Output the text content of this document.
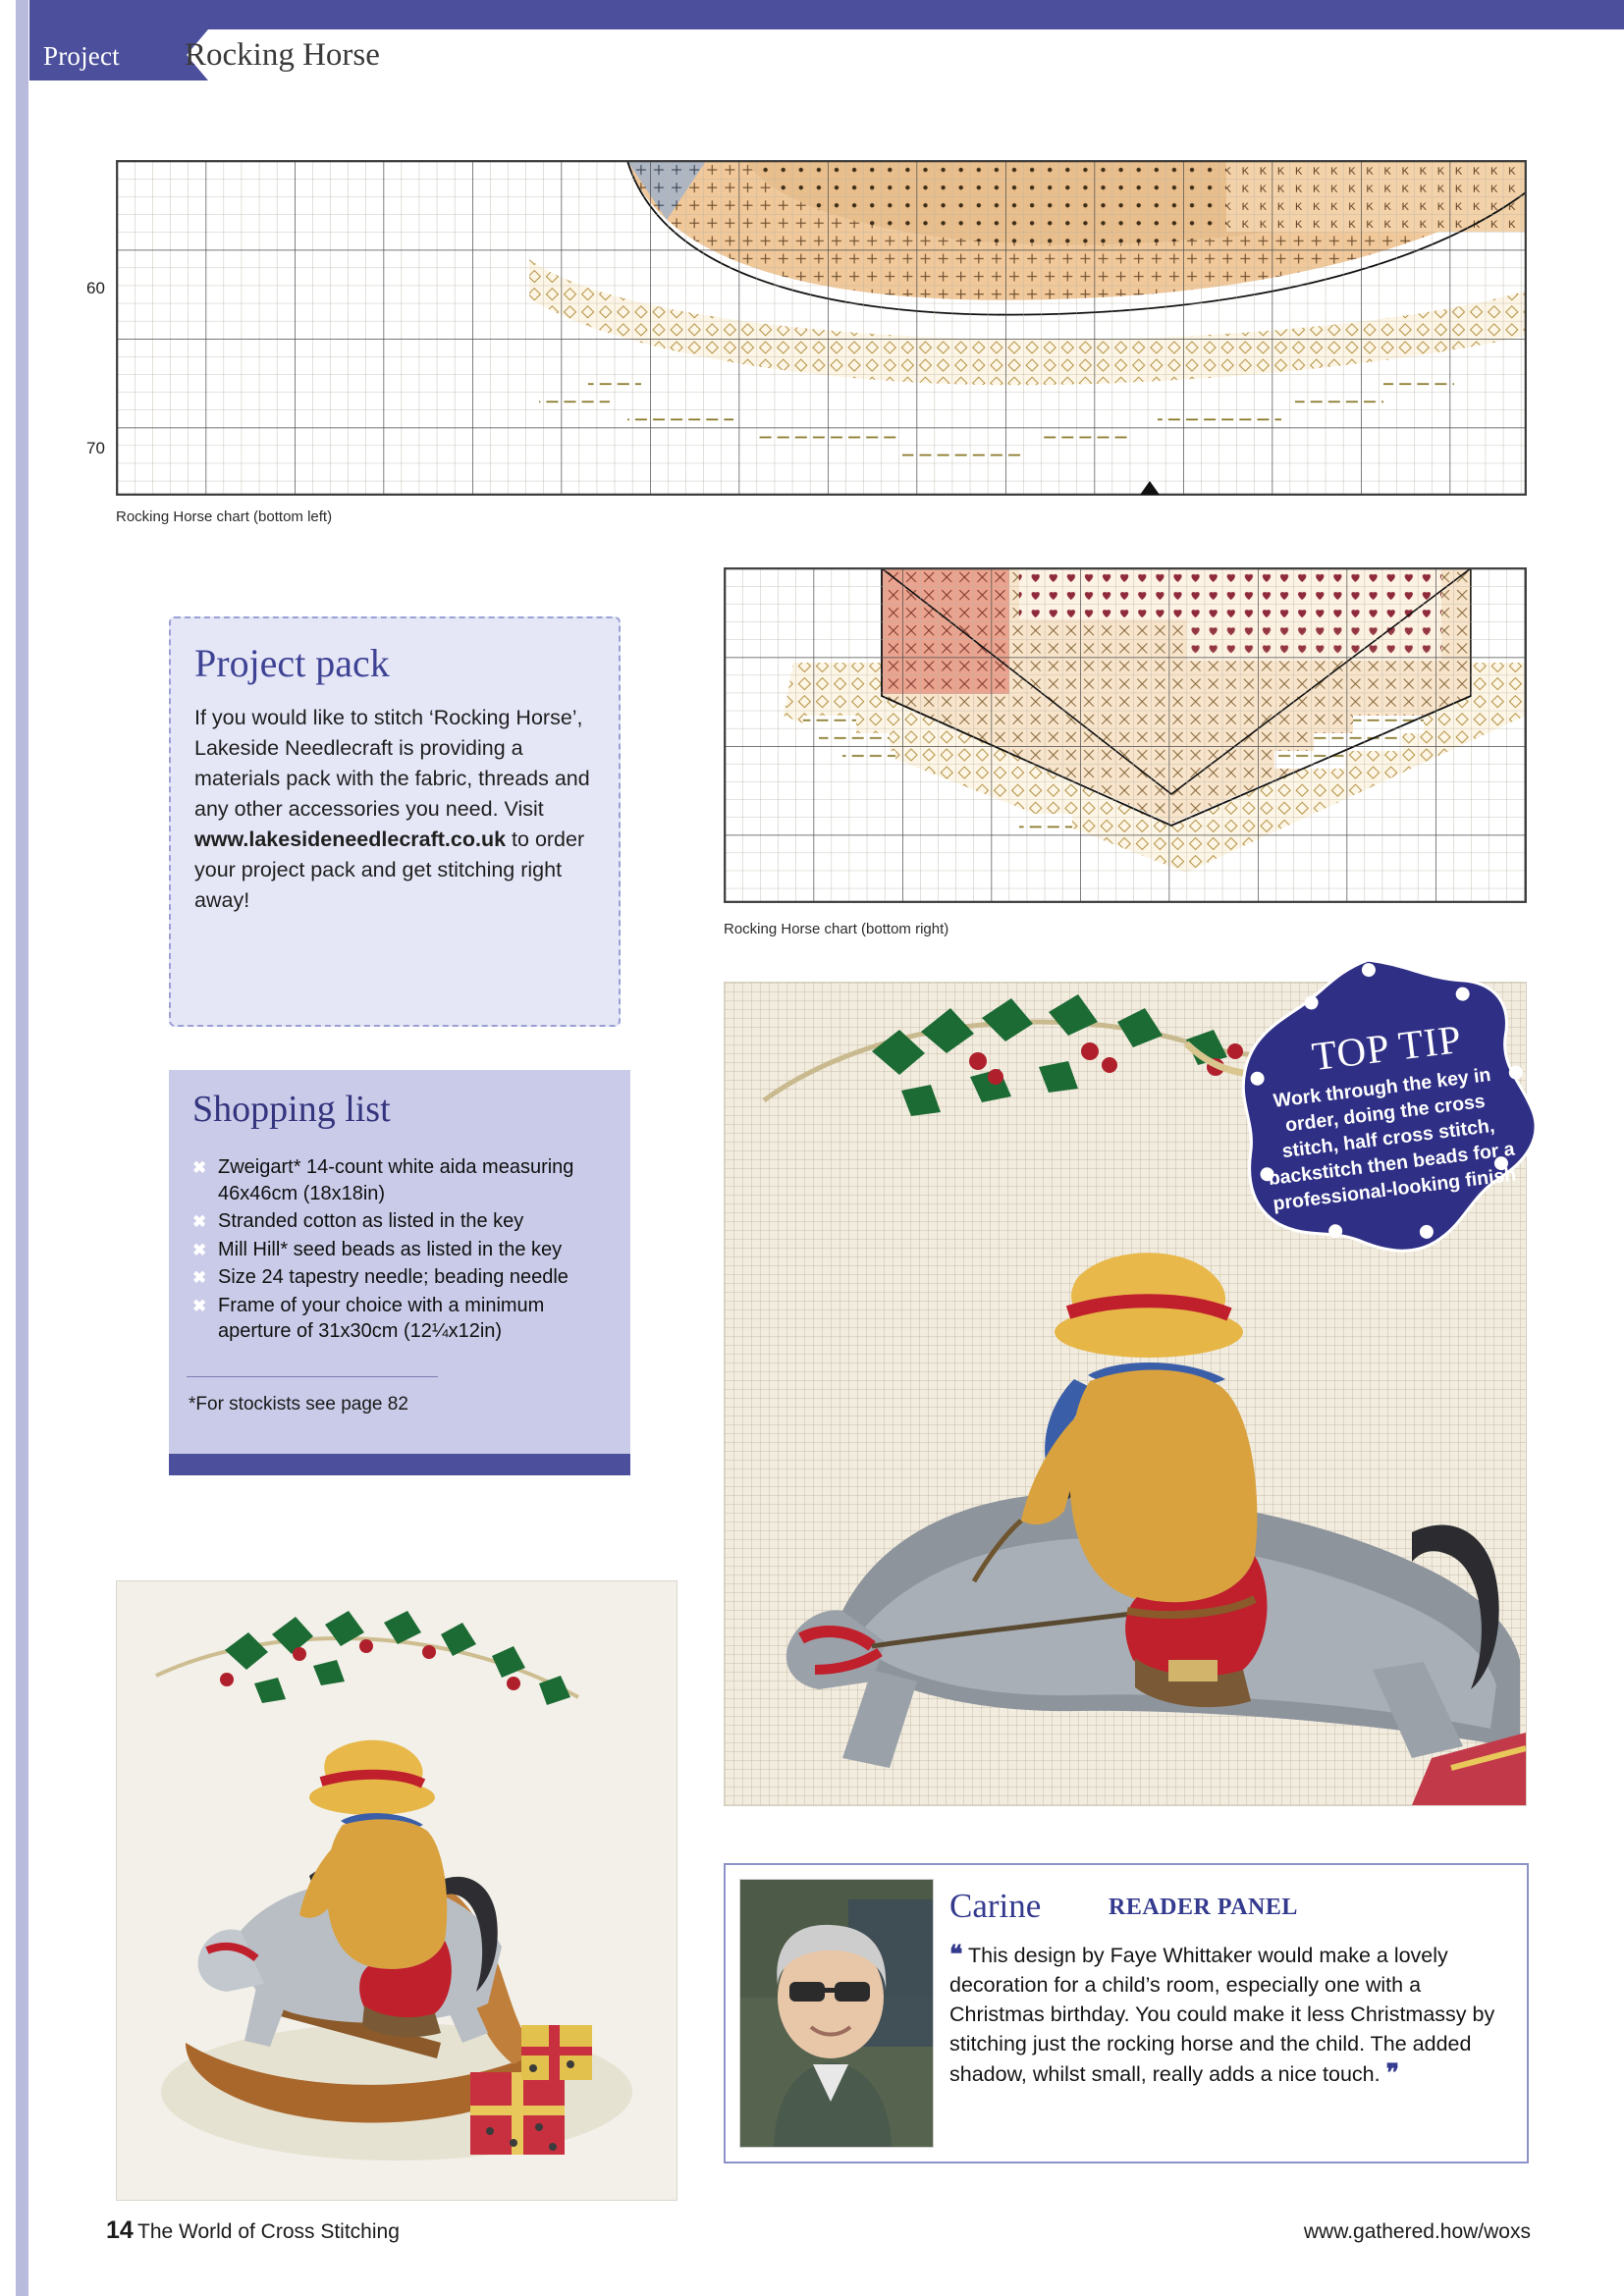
Project Rocking Horse
60
70
Rocking Horse chart (bottom left)
Rocking Horse chart (bottom right)
Project pack

If you would like to stitch ‘Rocking Horse’, Lakeside Needlecraft is providing a materials pack with the fabric, threads and any other accessories you need. Visit www.lakesideneedlecraft.co.uk to order your project pack and get stitching right away!

Shopping list
✖ Zweigart* 14-count white aida measuring 46x46cm (18x18in)
✖ Stranded cotton as listed in the key
✖ Mill Hill* seed beads as listed in the key
✖ Size 24 tapestry needle; beading needle
✖ Frame of your choice with a minimum aperture of 31x30cm (12¼x12in)
*For stockists see page 82
TOP TIP
Work through the key in order, doing the cross stitch, half cross stitch, backstitch then beads for a professional-looking finish
Carine	READER PANEL
❝ This design by Faye Whittaker would make a lovely decoration for a child’s room, especially one with a Christmas birthday. You could make it less Christmassy by stitching just the rocking horse and the child. The added shadow, whilst small, really adds a nice touch. ❞
14 The World of Cross Stitching	www.gathered.how/woxs
